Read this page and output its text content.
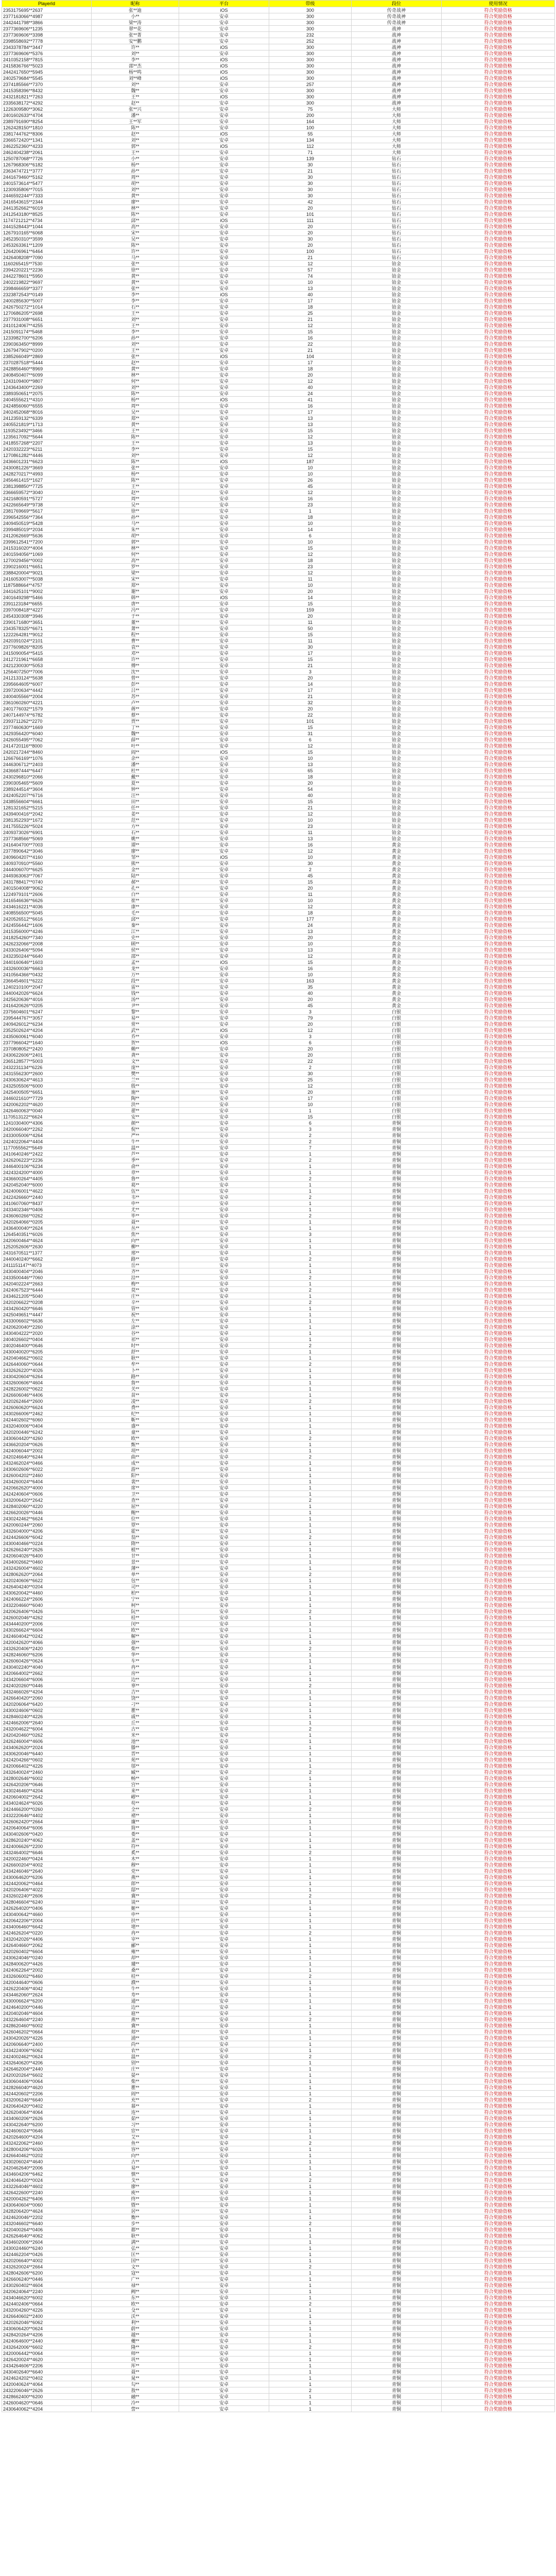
PlayerId	昵称	平台	带级	段位	使用情况
2353175695**2637	张**迪	iOS	300	传奇战神	符合奖励资格
2377163066**4987	小**	安卓	300	传奇战神	符合奖励资格
2442441798**3866	梁**涛	安卓	300	传奇战神	符合奖励资格
2377369606**1235	翠**花	安卓	300	战神	符合奖励资格
2377369606**3398	张**菁	安卓	232	战神	符合奖励资格
2398558692**7778	安**鹏	安卓	252	战神	符合奖励资格
2343378784**3447	许**	iOS	300	战神	符合奖励资格
2377369606**5376	刘**	安卓	300	战神	符合奖励资格
2410352158**7815	李**	iOS	300	战神	符合奖励资格
2415836766**5023	邵**杰	iOS	300	战神	符合奖励资格
2442417650**5945	杨**鸣	iOS	300	战神	符合奖励资格
2402579684**5545	刘**峰	iOS	300	战神	符合奖励资格
2374185566**7370	刘**	安卓	257	战神	符合奖励资格
2415358396**8432	魏**	安卓	300	战神	符合奖励资格
2432181821**7263	王**	iOS	300	战神	符合奖励资格
2335638172**4292	赵**	安卓	300	战神	符合奖励资格
1226309580**3062	张**兴	安卓	75	大师	符合奖励资格
2401602633**4704	潘**	安卓	200	大师	符合奖励资格
2389791690**8254	王**军	安卓	164	大师	符合奖励资格
1262428150**1810	陈**	安卓	100	大师	符合奖励资格
2381744762**8306	赵**	iOS	55	大师	符合奖励资格
2366572420**1341	刘**	安卓	134	大师	符合奖励资格
2462252360**4233	郭**	iOS	112	大师	符合奖励资格
2462404238**2061	王**	安卓	71	大师	符合奖励资格
1250787068**7726	小**	安卓	139	钻石	符合奖励资格
1267968306**6182	杨**	安卓	30	钻石	符合奖励资格
2363474721**3777	孙**	安卓	21	钻石	符合奖励资格
2441679460**5162	周**	安卓	30	钻石	符合奖励资格
2401573614**5477	胡**	安卓	30	钻石	符合奖励资格
1230935806**7015	刘**	安卓	30	钻石	符合奖励资格
2446592244**7333	黄**	安卓	30	钻石	符合奖励资格
2416543615**2344	廖**	安卓	42	钻石	符合奖励资格
2441352662**6019	林**	安卓	20	钻石	符合奖励资格
2412543180**8525	陈**	安卓	101	钻石	符合奖励资格
1174721212**4734	邱**	iOS	111	钻石	符合奖励资格
2441528443**1044	高**	安卓	20	钻石	符合奖励资格
1267910165**6068	宋**	安卓	20	钻石	符合奖励资格
2452350310**3599	吴**	安卓	30	钻石	符合奖励资格
2453263361**1209	陈**	安卓	20	钻石	符合奖励资格
1264206961**6464	许**	安卓	100	钻石	符合奖励资格
2426408208**7090	马**	安卓	21	钻石	符合奖励资格
1160265415**7530	张**	安卓	12	铂金	符合奖励资格
2394220221**2236	徐**	安卓	57	铂金	符合奖励资格
2442278601**5950	黄**	安卓	74	铂金	符合奖励资格
2402219822**9697	黄**	安卓	10	铂金	符合奖励资格
2398466659**3377	张**	安卓	13	铂金	符合奖励资格
2323872543**0149	李**	iOS	40	铂金	符合奖励资格
2400285630**5007	李**	安卓	17	铂金	符合奖励资格
2426750272**1014	石**	安卓	18	铂金	符合奖励资格
1270686205**2698	王**	安卓	25	铂金	符合奖励资格
2377931008**6651	刘**	安卓	21	铂金	符合奖励资格
2410124067**4255	王**	安卓	12	铂金	符合奖励资格
2415091174**5468	李**	安卓	15	铂金	符合奖励资格
1233982700**6206	孙**	安卓	16	铂金	符合奖励资格
2390363450**8999	刘**	安卓	22	铂金	符合奖励资格
1267947902**0200	王**	安卓	21	铂金	符合奖励资格
2385266049**2869	张**	iOS	104	铂金	符合奖励资格
2370287518**5444	赵**	安卓	17	铂金	符合奖励资格
2428856460**8969	黄**	安卓	18	铂金	符合奖励资格
2408450407**6099	林**	安卓	20	铂金	符合奖励资格
1243109400**9807	何**	安卓	12	铂金	符合奖励资格
1243643400**2269	刘**	安卓	40	铂金	符合奖励资格
2389350651**2075	陈**	安卓	24	铂金	符合奖励资格
2404555621**4310	杨**	iOS	41	铂金	符合奖励资格
2424856060**6555	周**	安卓	16	铂金	符合奖励资格
2402452068**8016	吴**	安卓	17	铂金	符合奖励资格
2412359132**6339	郑**	安卓	13	铂金	符合奖励资格
2405521819**1713	黄**	安卓	13	铂金	符合奖励资格
1193523492**3466	王**	安卓	15	铂金	符合奖励资格
1235617092**5644	陈**	安卓	12	铂金	符合奖励资格
2418557268**2207	王**	安卓	13	铂金	符合奖励资格
2420332223**6211	李**	安卓	15	铂金	符合奖励资格
1270861282**4446	刘**	安卓	12	铂金	符合奖励资格
2436601231**6623	陈**	iOS	187	铂金	符合奖励资格
2430081226**3669	张**	安卓	10	铂金	符合奖励资格
2428270217**4993	杨**	安卓	10	铂金	符合奖励资格
2456461415**1627	陈**	安卓	26	铂金	符合奖励资格
2381398850**7725	王**	安卓	45	铂金	符合奖励资格
2366659572**3040	赵**	安卓	12	铂金	符合奖励资格
2421680591**5727	周**	安卓	16	铂金	符合奖励资格
2422665649**9738	吴**	安卓	23	铂金	符合奖励资格
2381769669**5617	徐**	安卓	1	铂金	符合奖励资格
2396542556**7364	孙**	安卓	18	铂金	符合奖励资格
2409450519**5428	马**	安卓	10	铂金	符合奖励资格
2399485019**2034	朱**	安卓	14	铂金	符合奖励资格
2412062669**5636	胡**	安卓	6	铂金	符合奖励资格
2399612541**7200	郭**	安卓	10	铂金	符合奖励资格
2415316020**4004	林**	安卓	15	铂金	符合奖励资格
2401594056**1069	何**	安卓	12	铂金	符合奖励资格
1270029456**0002	高**	安卓	18	铂金	符合奖励资格
2390216001**6651	罗**	安卓	23	铂金	符合奖励资格
2388420004**9021	梁**	安卓	12	铂金	符合奖励资格
2416053007**5038	宋**	安卓	11	铂金	符合奖励资格
1187588664**4757	郑**	安卓	10	铂金	符合奖励资格
2441625101**9002	谢**	安卓	20	铂金	符合奖励资格
2401649298**5466	韩**	iOS	14	铂金	符合奖励资格
2391123184**6655	唐**	安卓	15	铂金	符合奖励资格
2397008418**4227	冯**	安卓	159	铂金	符合奖励资格
2454330308**3946	于**	安卓	20	铂金	符合奖励资格
2390171680**3651	董**	安卓	11	铂金	符合奖励资格
2343578325**6671	萧**	安卓	50	铂金	符合奖励资格
1222264281**9012	程**	安卓	15	铂金	符合奖励资格
2420391024**2101	曹**	安卓	11	铂金	符合奖励资格
2377609826**8205	袁**	安卓	30	铂金	符合奖励资格
2415090054**5415	邓**	安卓	17	铂金	符合奖励资格
2412721961**6658	许**	安卓	15	铂金	符合奖励资格
2421230030**5053	傅**	安卓	21	铂金	符合奖励资格
1256407250**7006	沈**	安卓	3	铂金	符合奖励资格
2412133124**5638	曾**	安卓	20	铂金	符合奖励资格
2395664605**6007	彭**	安卓	14	铂金	符合奖励资格
2397200634**4442	吕**	安卓	17	铂金	符合奖励资格
2400405566**2004	苏**	安卓	21	铂金	符合奖励资格
2361060260**4221	卢**	安卓	32	铂金	符合奖励资格
2401776032**1579	蒋**	安卓	20	铂金	符合奖励资格
2407144974**6782	蔡**	安卓	22	铂金	符合奖励资格
2393711262**2270	贾**	安卓	101	铂金	符合奖励资格
2377460630**1669	丁**	安卓	15	铂金	符合奖励资格
2429356420**6040	魏**	安卓	31	铂金	符合奖励资格
2426055495**7062	薛**	安卓	6	铂金	符合奖励资格
2414720116**8000	叶**	安卓	12	铂金	符合奖励资格
2420217244**8460	阎**	iOS	15	铂金	符合奖励资格
1266766169**1076	余**	安卓	10	铂金	符合奖励资格
2446306712**2403	潘**	安卓	13	铂金	符合奖励资格
2436687444**6447	杜**	安卓	65	铂金	符合奖励资格
2430296810**2066	戴**	安卓	18	铂金	符合奖励资格
2390305465**5609	夏**	安卓	20	铂金	符合奖励资格
2389244514**3604	钟**	安卓	54	铂金	符合奖励资格
2424052207**6716	汪**	安卓	40	铂金	符合奖励资格
2438556604**6661	田**	安卓	15	铂金	符合奖励资格
1281321652**5215	任**	安卓	21	铂金	符合奖励资格
2439400416**2042	姜**	安卓	12	铂金	符合奖励资格
2381352293**1672	范**	安卓	10	铂金	符合奖励资格
2417555226**5024	方**	安卓	23	铂金	符合奖励资格
2409373026**6901	石**	安卓	11	铂金	符合奖励资格
2377368566**5069	姚**	安卓	13	铂金	符合奖励资格
2416404700**7003	谭**	安卓	16	黄金	符合奖励资格
2377890642**3046	廖**	安卓	12	黄金	符合奖励资格
2409604207**4160	邹**	iOS	10	黄金	符合奖励资格
2409370910**5560	熊**	安卓	30	黄金	符合奖励资格
2444006070**6625	金**	安卓	2	黄金	符合奖励资格
2449363063**7067	陆**	安卓	45	黄金	符合奖励资格
2431788417**0740	郝**	安卓	15	黄金	符合奖励资格
2401504008**9062	孔**	安卓	20	黄金	符合奖励资格
1224979101**2606	白**	安卓	11	黄金	符合奖励资格
2416546636**6626	崔**	安卓	10	黄金	符合奖励资格
2434616221**4036	康**	安卓	12	黄金	符合奖励资格
2408556500**5045	毛**	安卓	18	黄金	符合奖励资格
2420526512**6616	邱**	安卓	177	黄金	符合奖励资格
2424556442**1606	秦**	安卓	24	黄金	符合奖励资格
2415356000**4246	江**	安卓	13	黄金	符合奖励资格
2418254260**7340	史**	安卓	20	黄金	符合奖励资格
2426232066**2008	顾**	安卓	10	黄金	符合奖励资格
2433026406**5094	侯**	安卓	13	黄金	符合奖励资格
2432350244**6640	邵**	安卓	12	黄金	符合奖励资格
2440160646**1603	孟**	iOS	15	黄金	符合奖励资格
2432600036**6663	龙**	安卓	16	黄金	符合奖励资格
2410564366**0432	万**	安卓	10	黄金	符合奖励资格
2366454601**6222	段**	安卓	163	黄金	符合奖励资格
1240210100**2047	雷**	安卓	35	黄金	符合奖励资格
2440042026**6624	钱**	安卓	40	黄金	符合奖励资格
2425620636**4016	汤**	安卓	20	黄金	符合奖励资格
2416420626**0205	尹**	安卓	45	黄金	符合奖励资格
2375604601**6247	黎**	安卓	3	白银	符合奖励资格
2395444767**3057	易**	安卓	79	白银	符合奖励资格
2409426012**6234	常**	安卓	20	白银	符合奖励资格
2352502624**4204	武**	iOS	12	白银	符合奖励资格
2435060061**6040	乔**	安卓	3	白银	符合奖励资格
2377966042**1640	贺**	iOS	6	白银	符合奖励资格
2370808052**2420	赖**	安卓	20	白银	符合奖励资格
2430622606**2401	龚**	安卓	20	白银	符合奖励资格
2365128577**5003	文**	安卓	22	白银	符合奖励资格
2432231134**6226	庞**	安卓	2	白银	符合奖励资格
2431556230**2600	樊**	安卓	30	白银	符合奖励资格
2430630624**4613	兰**	安卓	25	白银	符合奖励资格
2432505506**6000	殷**	安卓	12	白银	符合奖励资格
2425400505**6651	施**	安卓	20	白银	符合奖励资格
2446021610**7729	陶**	安卓	17	白银	符合奖励资格
2420062202**4620	洪**	安卓	10	白银	符合奖励资格
2426460063**0040	翟**	安卓	1	白银	符合奖励资格
1170513122**6624	安**	安卓	15	白银	符合奖励资格
1241030400**4306	颜**	安卓	6	青铜	符合奖励资格
2420066040**2262	倪**	安卓	3	青铜	符合奖励资格
2433005006**4264	严**	安卓	2	青铜	符合奖励资格
2424022064**4404	牛**	安卓	2	青铜	符合奖励资格
1177055562**5649	温**	安卓	7	青铜	符合奖励资格
2410640246**2422	芦**	安卓	1	青铜	符合奖励资格
2426206223**2236	季**	安卓	2	青铜	符合奖励资格
2446400106**6234	俞**	安卓	1	青铜	符合奖励资格
2424324200**4000	章**	安卓	1	青铜	符合奖励资格
2436600264**4405	鲁**	安卓	2	青铜	符合奖励资格
2420452040**6000	葛**	安卓	1	青铜	符合奖励资格
2424006001**4622	伍**	安卓	1	青铜	符合奖励资格
2422426660**2440	韦**	安卓	2	青铜	符合奖励资格
2410607060**8437	申**	安卓	1	青铜	符合奖励资格
2433402346**0406	尤**	安卓	1	青铜	符合奖励资格
2436060266**0262	毕**	安卓	2	青铜	符合奖励资格
2420264066**0205	聂**	安卓	1	青铜	符合奖励资格
2436400040**2624	丛**	安卓	1	青铜	符合奖励资格
1264540351**6026	焦**	安卓	3	青铜	符合奖励资格
2420600464**4624	向**	安卓	1	青铜	符合奖励资格
1252052606**2630	柳**	安卓	1	青铜	符合奖励资格
2431670511**1377	邢**	安卓	1	青铜	符合奖励资格
2440040240**6662	路**	安卓	2	青铜	符合奖励资格
2411151147**4073	岳**	安卓	1	青铜	符合奖励资格
2430400404**2046	齐**	安卓	1	青铜	符合奖励资格
2433500446**7060	沿**	安卓	2	青铜	符合奖励资格
2420402224**2663	梅**	安卓	1	青铜	符合奖励资格
2424067523**6444	莫**	安卓	2	青铜	符合奖励资格
2434621205**5040	庄**	安卓	1	青铜	符合奖励资格
2420206622**0208	辛**	安卓	2	青铜	符合奖励资格
2434260420**6646	管**	安卓	1	青铜	符合奖励资格
2425049651**4447	祝**	安卓	1	青铜	符合奖励资格
2433006602**6636	左**	安卓	1	青铜	符合奖励资格
2420620040**2260	涂**	安卓	1	青铜	符合奖励资格
2430404222**2020	谷**	安卓	1	青铜	符合奖励资格
2404026602**0404	祁**	安卓	1	青铜	符合奖励资格
2402046400**0646	时**	安卓	2	青铜	符合奖励资格
2430040020**6205	舒**	安卓	1	青铜	符合奖励资格
2420404662**0602	耿**	安卓	1	青铜	符合奖励资格
2426440060**0644	牟**	安卓	2	青铜	符合奖励资格
2432626220**4026	卜**	安卓	1	青铜	符合奖励资格
2430420604**6264	路**	安卓	1	青铜	符合奖励资格
2432600606**4604	詹**	安卓	1	青铜	符合奖励资格
2428226002**0622	关**	安卓	1	青铜	符合奖励资格
2426606046**4406	苗**	安卓	1	青铜	符合奖励资格
2420262464**2600	凌**	安卓	2	青铜	符合奖励资格
2426060620**6624	费**	安卓	1	青铜	符合奖励资格
2430266006**2462	纪**	安卓	1	青铜	符合奖励资格
2424402602**6060	靳**	安卓	1	青铜	符合奖励资格
2432040006**0404	盛**	安卓	1	青铜	符合奖励资格
2420200446**6242	童**	安卓	1	青铜	符合奖励资格
2430604420**4260	欧**	安卓	2	青铜	符合奖励资格
2436620204**0626	甄**	安卓	1	青铜	符合奖励资格
2424006044**2002	项**	安卓	1	青铜	符合奖励资格
2420246640**6244	曲**	安卓	2	青铜	符合奖励资格
2432462024**0466	成**	安卓	1	青铜	符合奖励资格
2430602606**6022	游**	安卓	1	青铜	符合奖励资格
2426004202**2460	阳**	安卓	1	青铜	符合奖励资格
2434260024**6404	裴**	安卓	1	青铜	符合奖励资格
2420662620**4000	席**	安卓	1	青铜	符合奖励资格
2424240604**0606	卫**	安卓	1	青铜	符合奖励资格
2432006420**2642	查**	安卓	2	青铜	符合奖励资格
2428402060**4220	屈**	安卓	1	青铜	符合奖励资格
2426620026**0446	鲍**	安卓	1	青铜	符合奖励资格
2430242462**6624	位**	安卓	1	青铜	符合奖励资格
2420060244**2060	覃**	安卓	1	青铜	符合奖励资格
2432604000**4206	霍**	安卓	1	青铜	符合奖励资格
2424426606**6042	翁**	安卓	2	青铜	符合奖励资格
2430040466**0224	隋**	安卓	1	青铜	符合奖励资格
2426266240**2626	植**	安卓	1	青铜	符合奖励资格
2420604026**6400	甘**	安卓	1	青铜	符合奖励资格
2434002662**0460	景**	安卓	1	青铜	符合奖励资格
2432426004**4602	薄**	安卓	1	青铜	符合奖励资格
2428062620**2064	单**	安卓	2	青铜	符合奖励资格
2420240606**6622	包**	安卓	1	青铜	符合奖励资格
2426404240**0204	司**	安卓	1	青铜	符合奖励资格
2430620042**4460	柏**	安卓	1	青铜	符合奖励资格
2424066224**2606	宁**	安卓	1	青铜	符合奖励资格
2432204660**6040	柯**	安卓	1	青铜	符合奖励资格
2420626406**0426	阮**	安卓	2	青铜	符合奖励资格
2426002046**4262	桂**	安卓	1	青铜	符合奖励资格
2434440200**2006	闵**	安卓	1	青铜	符合奖励资格
2430266624**6604	欧**	安卓	1	青铜	符合奖励资格
2424604042**0242	解**	安卓	1	青铜	符合奖励资格
2420042620**4066	强**	安卓	1	青铜	符合奖励资格
2432620406**2420	柴**	安卓	2	青铜	符合奖励资格
2428246060**6206	华**	安卓	1	青铜	符合奖励资格
2426060426**0624	车**	安卓	1	青铜	符合奖励资格
2430402240**4040	冉**	安卓	1	青铜	符合奖励资格
2420664002**2662	房**	安卓	1	青铜	符合奖励资格
2434206604**6006	边**	安卓	1	青铜	符合奖励资格
2424020260**0446	辜**	安卓	2	青铜	符合奖励资格
2432466026**4204	吉**	安卓	1	青铜	符合奖励资格
2426640420**2060	饶**	安卓	1	青铜	符合奖励资格
2420206064**6420	刁**	安卓	1	青铜	符合奖励资格
2430024606**0602	瞿**	安卓	1	青铜	符合奖励资格
2428460240**4226	戚**	安卓	1	青铜	符合奖励资格
2424662006**2640	丘**	安卓	1	青铜	符合奖励资格
2432004622**6004	古**	安卓	2	青铜	符合奖励资格
2420420460**0262	米**	安卓	1	青铜	符合奖励资格
2426246004**4606	池**	安卓	1	青铜	符合奖励资格
2434062620**2024	滕**	安卓	1	青铜	符合奖励资格
2430620046**6440	晋**	安卓	1	青铜	符合奖励资格
2424204266**0602	苑**	安卓	1	青铜	符合奖励资格
2420066402**4226	邬**	安卓	1	青铜	符合奖励资格
2432640024**2460	臧**	安卓	2	青铜	符合奖励资格
2428002646**6002	畅**	安卓	1	青铜	符合奖励资格
2426420206**0646	宫**	安卓	1	青铜	符合奖励资格
2430246460**4204	来**	安卓	1	青铜	符合奖励资格
2420604002**2642	嵺**	安卓	1	青铜	符合奖励资格
2434024624**6026	苟**	安卓	1	青铜	符合奖励资格
2424466200**0260	全**	安卓	2	青铜	符合奖励资格
2432220646**4402	褚**	安卓	1	青铜	符合奖励资格
2426062420**2664	廉**	安卓	1	青铜	符合奖励资格
2420640064**6006	简**	安卓	1	青铜	符合奖励资格
2430402606**0420	娄**	安卓	1	青铜	符合奖励资格
2428620240**4062	盖**	安卓	1	青铜	符合奖励资格
2424006626**2200	符**	安卓	1	青铜	符合奖励资格
2432464002**6646	奚**	安卓	2	青铜	符合奖励资格
2420022460**0424	木**	安卓	1	青铜	符合奖励资格
2426600204**4002	穆**	安卓	1	青铜	符合奖励资格
2434246046**2640	党**	安卓	1	青铜	符合奖励资格
2430064620**6206	燕**	安卓	1	青铜	符合奖励资格
2424420062**0464	郎**	安卓	1	青铜	符合奖励资格
2420206406**4022	邸**	安卓	1	青铜	符合奖励资格
2432602240**2606	冀**	安卓	2	青铜	符合奖励资格
2428046604**6240	谈**	安卓	1	青铜	符合奖励资格
2426264020**0406	姬**	安卓	1	青铜	符合奖励资格
2430400642**4660	申**	安卓	1	青铜	符合奖励资格
2420642206**2004	扶**	安卓	1	青铜	符合奖励资格
2434006460**6642	堵**	安卓	1	青铜	符合奖励资格
2424626204**0220	冉**	安卓	2	青铜	符合奖励资格
2432042026**4406	宰**	安卓	1	青铜	符合奖励资格
2426404660**2062	郦**	安卓	1	青铜	符合奖励资格
2420260402**6604	雍**	安卓	1	青铜	符合奖励资格
2430624046**0240	却**	安卓	1	青铜	符合奖励资格
2428400620**4426	璩**	安卓	1	青铜	符合奖励资格
2424062264**2002	桑**	安卓	1	青铜	符合奖励资格
2432606002**6460	桂**	安卓	2	青铜	符合奖励资格
2420044640**0606	濮**	安卓	1	青铜	符合奖励资格
2426220406**4042	牛**	安卓	1	青铜	符合奖励资格
2434462060**2624	寿**	安卓	1	青铜	符合奖励资格
2430006624**6200	通**	安卓	1	青铜	符合奖励资格
2424640200**0446	边**	安卓	1	青铜	符合奖励资格
2420402046**4604	扈**	安卓	1	青铜	符合奖励资格
2432264604**2240	燕**	安卓	2	青铜	符合奖励资格
2428620460**6002	冀**	安卓	1	青铜	符合奖励资格
2426046202**0664	郏**	安卓	1	青铜	符合奖励资格
2430420026**4226	浦**	安卓	1	青铜	符合奖励资格
2420606640**2400	尚**	安卓	1	青铜	符合奖励资格
2434224006**6062	农**	安卓	1	青铜	符合奖励资格
2424002462**0624	温**	安卓	2	青铜	符合奖励资格
2432640620**4206	别**	安卓	1	青铜	符合奖励资格
2426462004**2440	庄**	安卓	1	青铜	符合奖励资格
2420020264**6602	晏**	安卓	1	青铜	符合奖励资格
2430604406**0064	柴**	安卓	1	青铜	符合奖励资格
2428266040**4620	瞿**	安卓	1	青铜	符合奖励资格
2424420602**2206	阎**	安卓	1	青铜	符合奖励资格
2432006246**6640	充**	安卓	2	青铜	符合奖励资格
2420640420**0402	慕**	安卓	1	青铜	符合奖励资格
2426204064**4064	连**	安卓	1	青铜	符合奖励资格
2434060206**2626	茹**	安卓	1	青铜	符合奖励资格
2430422640**6200	习**	安卓	1	青铜	符合奖励资格
2424606024**0646	宦**	安卓	1	青铜	符合奖励资格
2420264600**4204	艾**	安卓	1	青铜	符合奖励资格
2432422062**2460	鱼**	安卓	2	青铜	符合奖励资格
2428004206**6026	容**	安卓	1	青铜	符合奖励资格
2426640462**0202	向**	安卓	1	青铜	符合奖励资格
2430206024**4640	古**	安卓	1	青铜	符合奖励资格
2420462640**2006	易**	安卓	1	青铜	符合奖励资格
2434604206**6462	慎**	安卓	1	青铜	符合奖励资格
2424046420**0024	戈**	安卓	2	青铜	符合奖励资格
2432264046**4602	廖**	安卓	1	青铜	符合奖励资格
2426422600**2240	庾**	安卓	1	青铜	符合奖励资格
2420004262**6406	终**	安卓	1	青铜	符合奖励资格
2430640604**0060	暨**	安卓	1	青铜	符合奖励资格
2428206420**4624	居**	安卓	1	青铜	符合奖励资格
2424620046**2202	衡**	安卓	1	青铜	符合奖励资格
2432046602**6640	步**	安卓	2	青铜	符合奖励资格
2420400264**0406	都**	安卓	1	青铜	符合奖励资格
2426264640**4062	耿**	安卓	1	青铜	符合奖励资格
2434602006**2604	满**	安卓	1	青铜	符合奖励资格
2430024460**6240	弘**	安卓	1	青铜	符合奖励资格
2424462204**0426	匡**	安卓	1	青铜	符合奖励资格
2420206640**4002	国**	安卓	1	青铜	符合奖励资格
2432620024**2664	文**	安卓	2	青铜	符合奖励资格
2428042606**6200	寇**	安卓	1	青铜	符合奖励资格
2426606240**0446	广**	安卓	1	青铜	符合奖励资格
2430260402**4604	禄**	安卓	1	青铜	符合奖励资格
2420624064**2240	阙**	安卓	1	青铜	符合奖励资格
2434046620**6002	东**	安卓	1	青铜	符合奖励资格
2424402406**0664	欧**	安卓	2	青铜	符合奖励资格
2432004260**4226	殳**	安卓	1	青铜	符合奖励资格
2426640602**2400	沃**	安卓	1	青铜	符合奖励资格
2420262046**6062	利**	安卓	1	青铜	符合奖励资格
2430606420**0624	蔚**	安卓	1	青铜	符合奖励资格
2428420264**4206	越**	安卓	1	青铜	符合奖励资格
2424064600**2440	夔**	安卓	1	青铜	符合奖励资格
2432642006**6602	隆**	安卓	2	青铜	符合奖励资格
2420006442**0064	师**	安卓	1	青铜	符合奖励资格
2426420024**4620	巩**	安卓	1	青铜	符合奖励资格
2434264606**2206	厍**	安卓	1	青铜	符合奖励资格
2430402640**6640	聂**	安卓	1	青铜	符合奖励资格
2424624202**0402	晁**	安卓	1	青铜	符合奖励资格
2420040624**4064	勾**	安卓	1	青铜	符合奖励资格
2432206046**2626	敖**	安卓	2	青铜	符合奖励资格
2428662400**6200	融**	安卓	1	青铜	符合奖励资格
2426004620**0646	冷**	安卓	1	青铜	符合奖励资格
2430640062**4204	訾**	安卓	1	青铜	符合奖励资格
